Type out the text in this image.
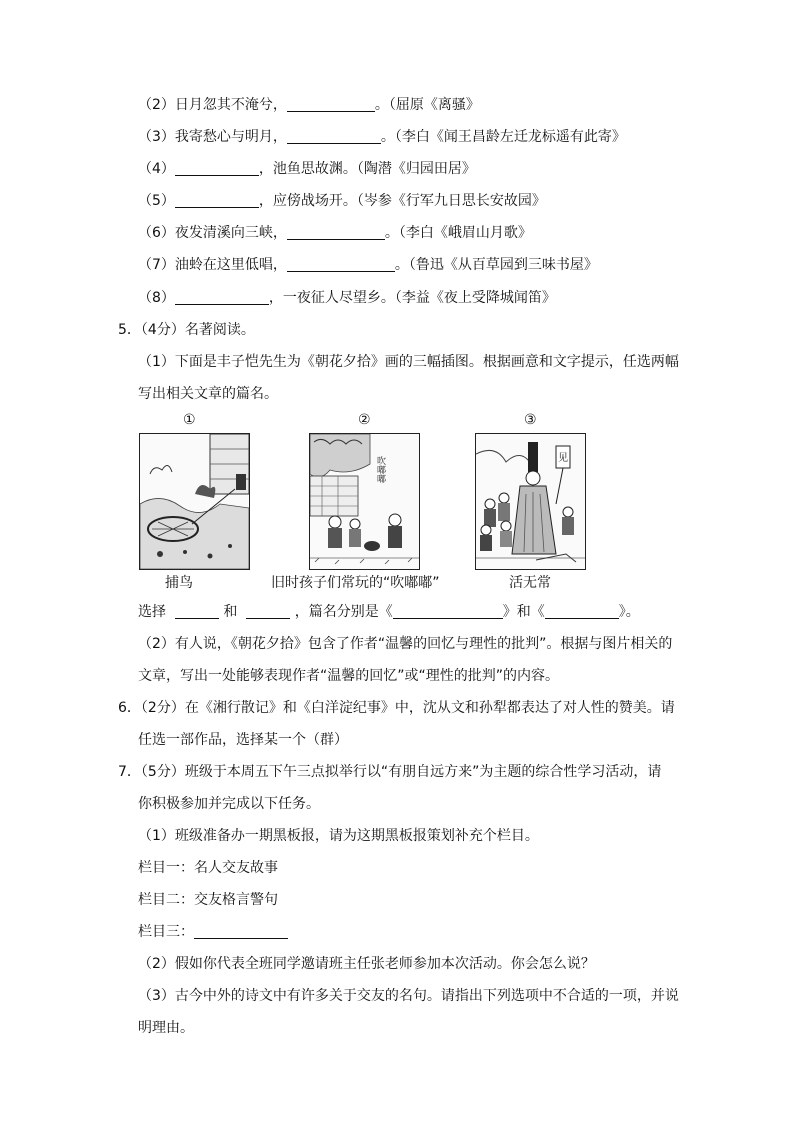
（2）日月忽其不淹兮，	。（屈原《离骚》
（3）我寄愁心与明月，	。（李白《闻王昌龄左迁龙标遥有此寄》
（4）	，池鱼思故渊。（陶潜《归园田居》
（5）	，应傍战场开。（岑参《行军九日思长安故园》
（6）夜发清溪向三峡，	。（李白《峨眉山月歌》
（7）油蛉在这里低唱，	。（鲁迅《从百草园到三味书屋》
（8）	，一夜征人尽望乡。（李益《夜上受降城闻笛》
5．（4分）名著阅读。
（1）下面是丰子恺先生为《朝花夕拾》画的三幅插图。根据画意和文字提示，任选两幅
写出相关文章的篇名。
①	②	③
吹嘟嘟	见
捕鸟	旧时孩子们常玩的“吹嘟嘟”	活无常
选择	和	，篇名分别是《	》和《	》。
（2）有人说，《朝花夕拾》包含了作者“温馨的回忆与理性的批判”。根据与图片相关的
文章，写出一处能够表现作者“温馨的回忆”或“理性的批判”的内容。
6．（2分）在《湘行散记》和《白洋淀纪事》中，沈从文和孙犁都表达了对人性的赞美。请
任选一部作品，选择某一个（群）
7．（5分）班级于本周五下午三点拟举行以“有朋自远方来”为主题的综合性学习活动，请
你积极参加并完成以下任务。
（1）班级准备办一期黑板报，请为这期黑板报策划补充个栏目。
栏目一：名人交友故事
栏目二：交友格言警句
栏目三：
（2）假如你代表全班同学邀请班主任张老师参加本次活动。你会怎么说？
（3）古今中外的诗文中有许多关于交友的名句。请指出下列选项中不合适的一项，并说
明理由。
